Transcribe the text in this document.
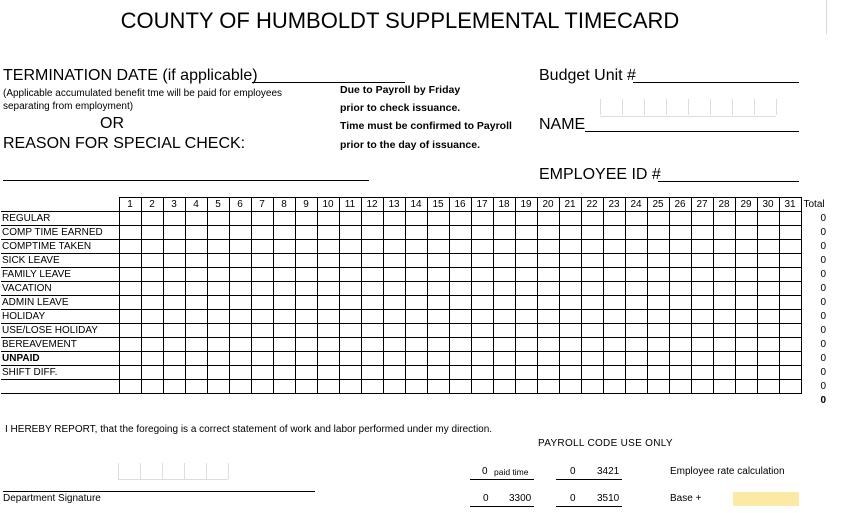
COUNTY OF HUMBOLDT SUPPLEMENTAL TIMECARD
TERMINATION DATE (if applicable)
(Applicable accumulated benefit tme will be paid for employees
separating from employment)
OR
REASON FOR SPECIAL CHECK:
Due to Payroll by Friday
prior to check issuance.
Time must be confirmed to Payroll
prior to the day of issuance.
Budget Unit #
NAME
EMPLOYEE ID #
	1	2	3	4	5	6	7	8	9	10	11	12	13	14	15	16	17	18	19	20	21	22	23	24	25	26	27	28	29	30	31	Total
REGULAR																																0
COMP TIME EARNED																																0
COMPTIME TAKEN																																0
SICK LEAVE																																0
FAMILY LEAVE																																0
VACATION																																0
ADMIN LEAVE																																0
HOLIDAY																																0
USE/LOSE HOLIDAY																																0
BEREAVEMENT																																0
UNPAID																																0
SHIFT DIFF.																																0
																																0
																																0
I HEREBY REPORT, that the foregoing is a correct statement of work and labor performed under my direction.
PAYROLL CODE USE ONLY
0 paid time	0 3421	Employee rate calculation
Department Signature	0 3300	0 3510	Base +
